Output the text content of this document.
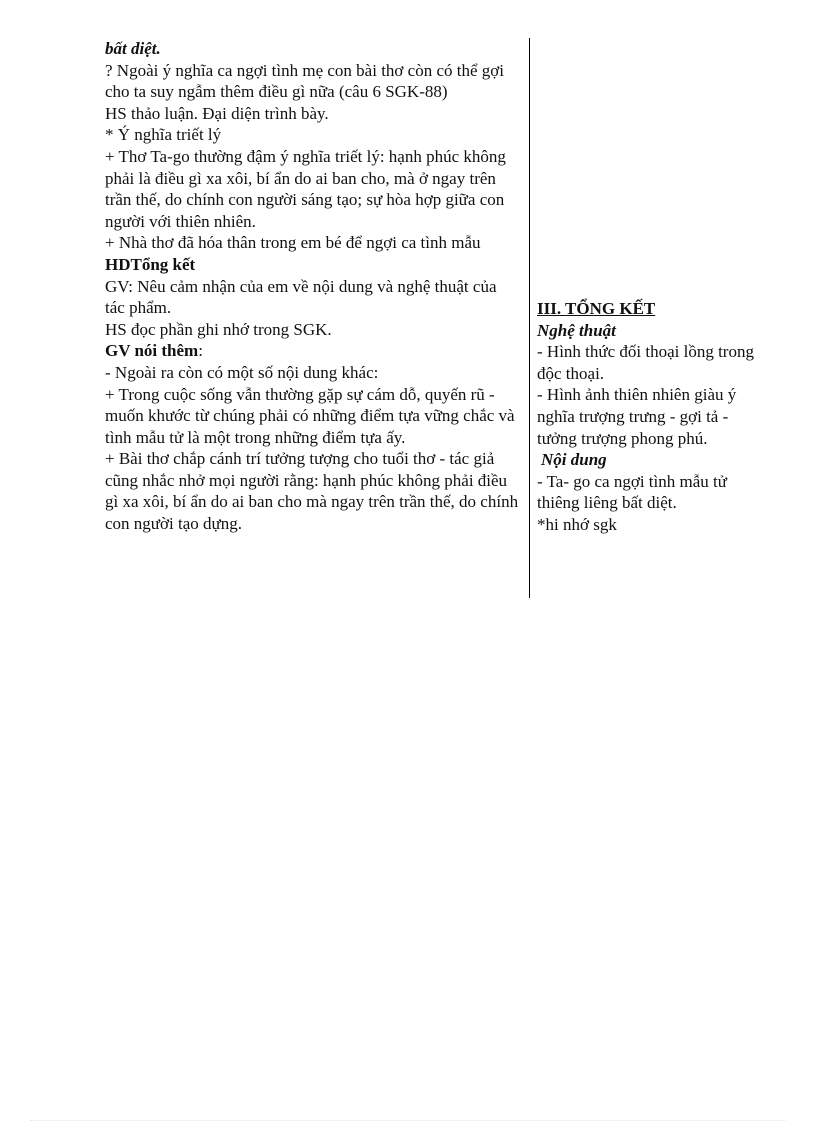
bất diệt.
? Ngoài ý nghĩa ca ngợi tình mẹ con bài thơ còn có thể gợi cho ta suy ngẫm thêm điều gì nữa (câu 6 SGK-88)
HS thảo luận. Đại diện trình bày.
* Ý nghĩa triết lý
+ Thơ Ta-go thường đậm ý nghĩa triết lý: hạnh phúc không phải là điều gì xa xôi, bí ẩn do ai ban cho, mà ở ngay trên trần thế, do chính con người sáng tạo; sự hòa hợp giữa con người với thiên nhiên.
+ Nhà thơ đã hóa thân trong em bé để ngợi ca tình mẫu
HDTổng kết
GV: Nêu cảm nhận của em về nội dung và nghệ thuật của tác phẩm.
HS đọc phần ghi nhớ trong SGK.
GV nói thêm:
- Ngoài ra còn có một số nội dung khác:
+ Trong cuộc sống vẫn thường gặp sự cám dỗ, quyến rũ - muốn khước từ chúng phải có những điểm tựa vững chắc và tình mẫu tử là một trong những điểm tựa ấy.
+ Bài thơ chắp cánh trí tưởng tượng cho tuổi thơ - tác giả cũng nhắc nhở mọi người rằng: hạnh phúc không phải điều gì xa xôi, bí ẩn do ai ban cho mà ngay trên trần thế, do chính con người tạo dựng.
III. TỔNG KẾT
Nghệ thuật
- Hình thức đối thoại lồng trong độc thoại.
- Hình ảnh thiên nhiên giàu ý nghĩa trượng trưng - gợi tả - tưởng trượng phong phú.
Nội dung
- Ta- go ca ngợi tình mẫu tử thiêng liêng bất diệt.
*hi nhớ sgk
